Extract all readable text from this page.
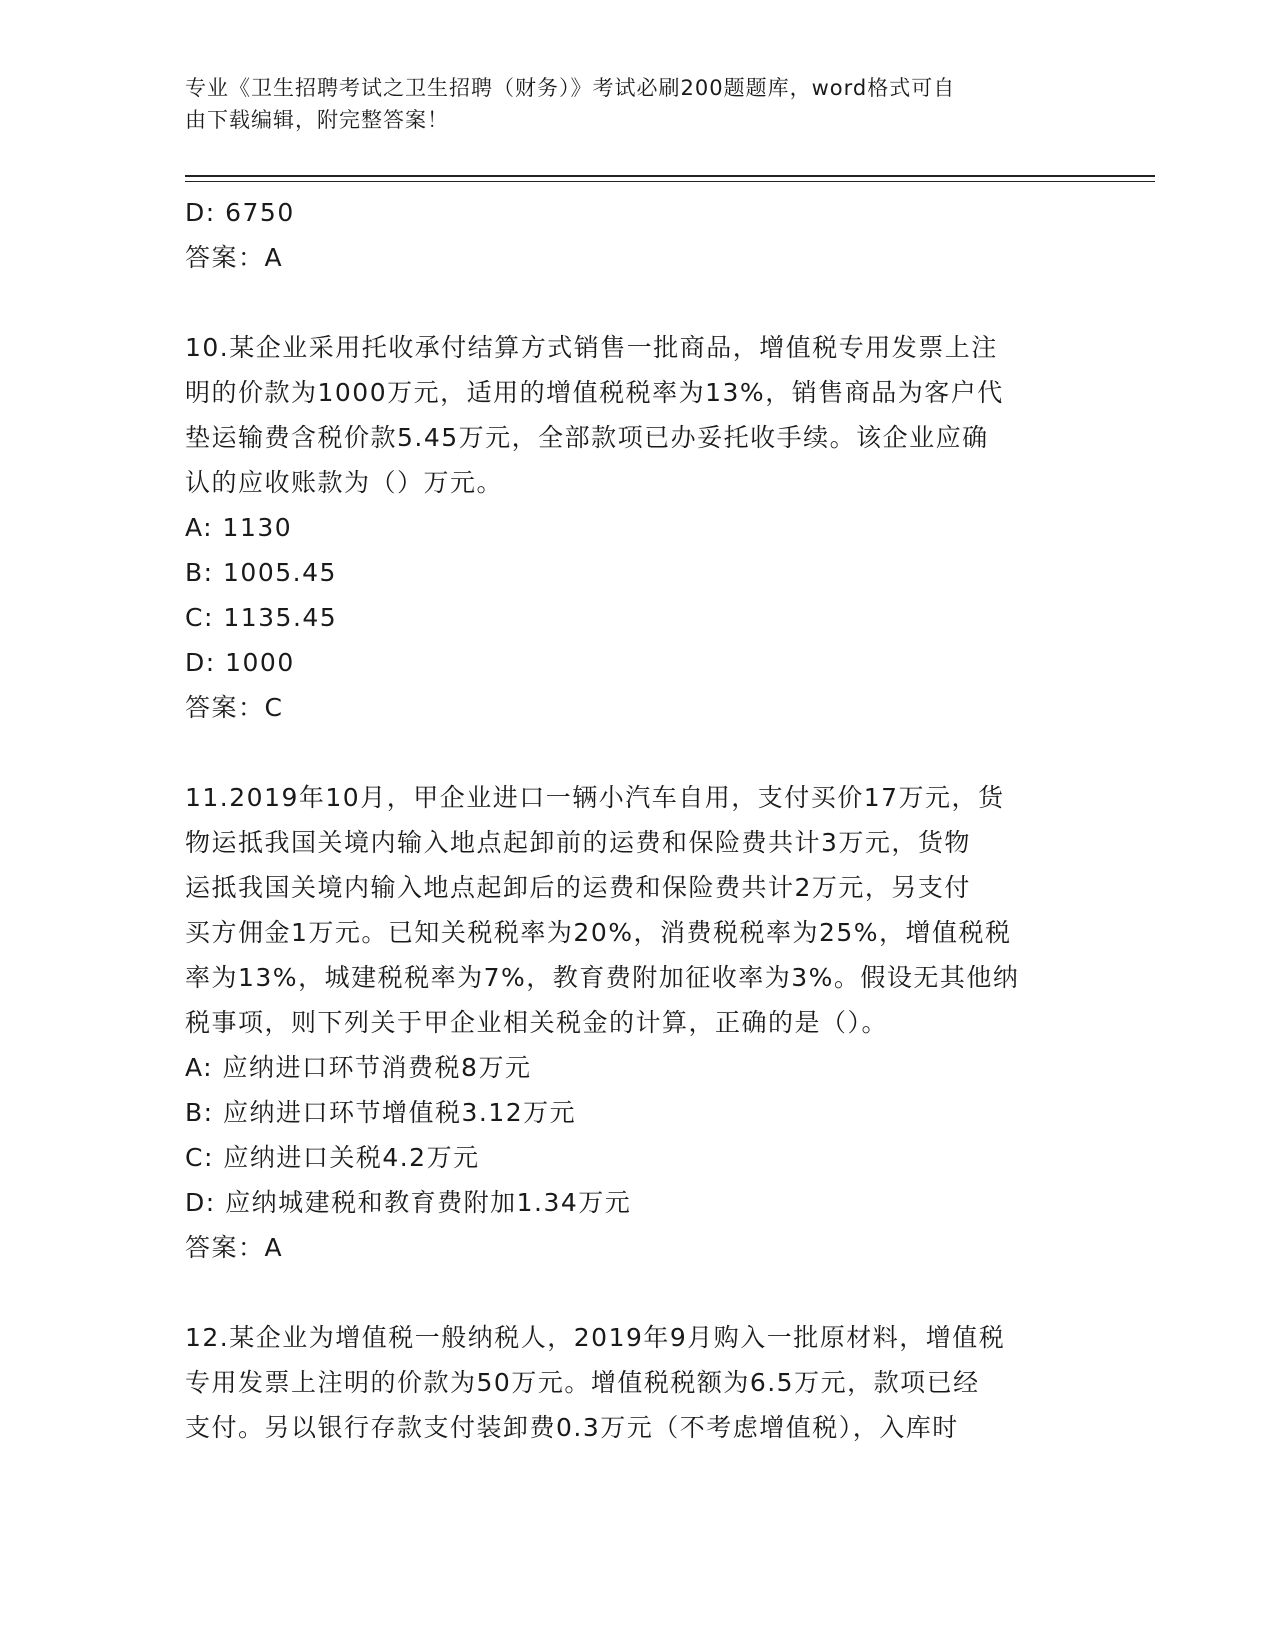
专业《卫生招聘考试之卫生招聘（财务）》考试必刷200题题库，word格式可自
由下载编辑，附完整答案！
D: 6750
答案：A
10.某企业采用托收承付结算方式销售一批商品，增值税专用发票上注
明的价款为1000万元，适用的增值税税率为13%，销售商品为客户代
垫运输费含税价款5.45万元，全部款项已办妥托收手续。该企业应确
认的应收账款为（）万元。
A: 1130
B: 1005.45
C: 1135.45
D: 1000
答案：C
11.2019年10月，甲企业进口一辆小汽车自用，支付买价17万元，货
物运抵我国关境内输入地点起卸前的运费和保险费共计3万元，货物
运抵我国关境内输入地点起卸后的运费和保险费共计2万元，另支付
买方佣金1万元。已知关税税率为20%，消费税税率为25%，增值税税
率为13%，城建税税率为7%，教育费附加征收率为3%。假设无其他纳
税事项，则下列关于甲企业相关税金的计算，正确的是（）。
A: 应纳进口环节消费税8万元
B: 应纳进口环节增值税3.12万元
C: 应纳进口关税4.2万元
D: 应纳城建税和教育费附加1.34万元
答案：A
12.某企业为增值税一般纳税人，2019年9月购入一批原材料，增值税
专用发票上注明的价款为50万元。增值税税额为6.5万元，款项已经
支付。另以银行存款支付装卸费0.3万元（不考虑增值税），入库时
